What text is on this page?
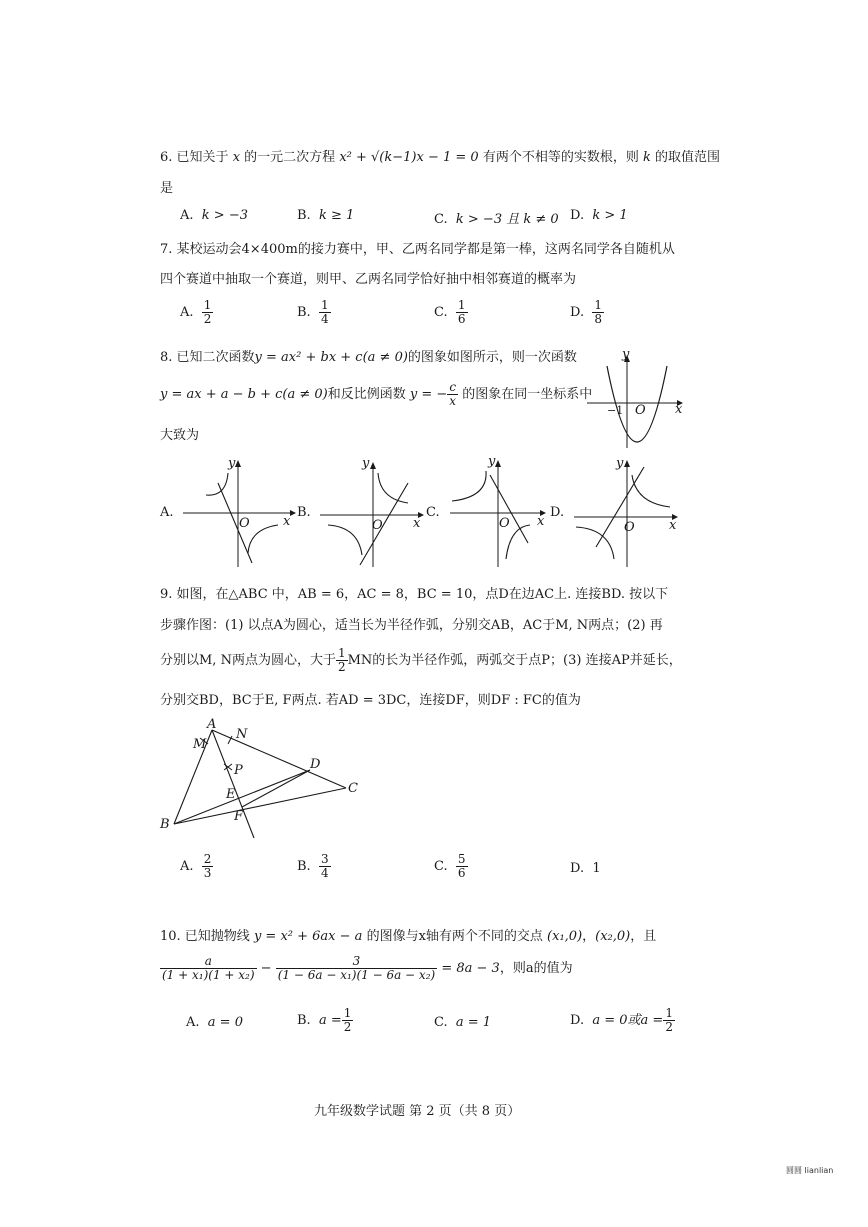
6. 已知关于 x 的一元二次方程 x² + √(k−1)x − 1 = 0 有两个不相等的实数根，则 k 的取值范围
是
A. k > −3	B. k ≥ 1	C. k > −3 且 k ≠ 0 D. k > 1
7. 某校运动会4×400m的接力赛中，甲、乙两名同学都是第一棒，这两名同学各自随机从
四个赛道中抽取一个赛道，则甲、乙两名同学恰好抽中相邻赛道的概率为
A. $\frac{1}{2}$	B. $\frac{1}{4}$	C. $\frac{1}{6}$	D. $\frac{1}{8}$
8. 已知二次函数y = ax² + bx + c(a ≠ 0)的图象如图所示，则一次函数
y = ax + a − b + c(a ≠ 0)和反比例函数 y = − $\frac{c}{x}$ 的图象在同一坐标系中
大致为
y
x
O
−1
A.
y
x
O
B.
y
x
O
C.
y
x
O
D.
y
x
O
9. 如图，在△ABC 中，AB = 6，AC = 8，BC = 10，点D在边AC上. 连接BD. 按以下
步骤作图：(1) 以点A为圆心，适当长为半径作弧，分别交AB，AC于M, N两点；(2) 再
分别以M, N两点为圆心，大于 $\frac{1}{2}$ MN的长为半径作弧，两弧交于点P；(3) 连接AP并延长，
分别交BD，BC于E, F两点. 若AD = 3DC，连接DF，则DF : FC的值为
A
B
C
D
E
F
M
N
P
A. $\frac{2}{3}$	B. $\frac{3}{4}$	C. $\frac{5}{6}$	D. 1
10. 已知抛物线 y = x² + 6ax − a 的图像与x轴有两个不同的交点 (x₁,0)，(x₂,0)，且
$\frac{a}{\text{(1 + x₁)(1 + x₂)}} - \frac{3}{\text{(1 − 6a − x₁)(1 − 6a − x₂)}} = 8a - 3$，则a的值为
A. a = 0	B. $a = \frac{1}{2}$	C. a = 1	D. a = 0或$a = \frac{1}{2}$
九年级数学试题 第 2 页（共 8 页）
圆圆 lianlian
